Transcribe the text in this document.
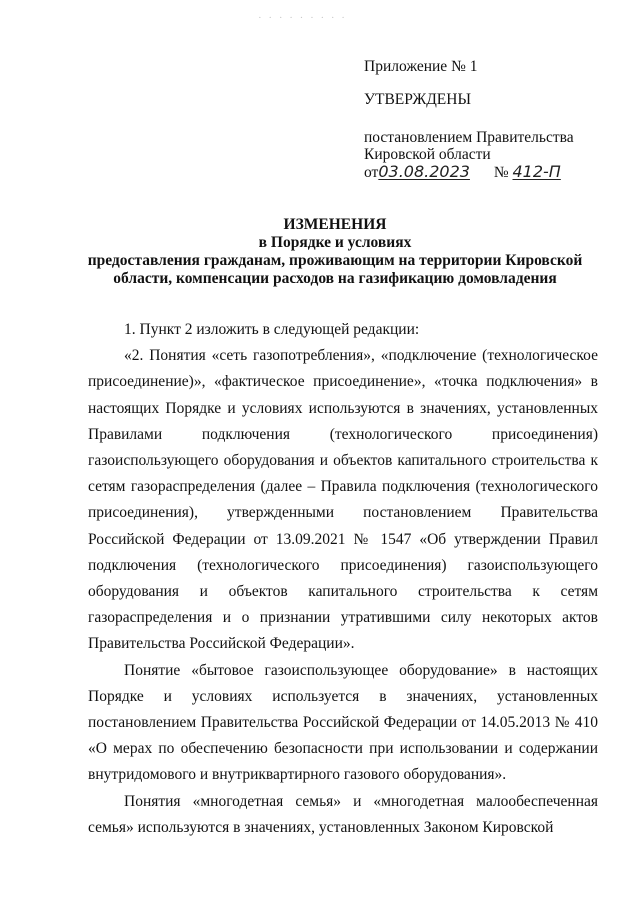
· · · · · · · · ·
Приложение № 1
УТВЕРЖДЕНЫ
постановлением Правительства
Кировской области
от03.08.2023 № 412-П
ИЗМЕНЕНИЯ
в Порядке и условиях
предоставления гражданам, проживающим на территории Кировской
области, компенсации расходов на газификацию домовладения

1. Пункт 2 изложить в следующей редакции:

«2. Понятия «сеть газопотребления», «подключение (технологическое присоединение)», «фактическое присоединение», «точка подключения» в настоящих Порядке и условиях используются в значениях, установленных Правилами подключения (технологического присоединения) газоиспользующего оборудования и объектов капитального строительства к сетям газораспределения (далее – Правила подключения (технологического присоединения), утвержденными постановлением Правительства Российской Федерации от 13.09.2021 № 1547 «Об утверждении Правил подключения (технологического присоединения) газоиспользующего оборудования и объектов капитального строительства к сетям газораспределения и о признании утратившими силу некоторых актов Правительства Российской Федерации».

Понятие «бытовое газоиспользующее оборудование» в настоящих Порядке и условиях используется в значениях, установленных постановлением Правительства Российской Федерации от 14.05.2013 № 410 «О мерах по обеспечению безопасности при использовании и содержании внутридомового и внутриквартирного газового оборудования».

Понятия «многодетная семья» и «многодетная малообеспеченная семья» используются в значениях, установленных Законом Кировской
